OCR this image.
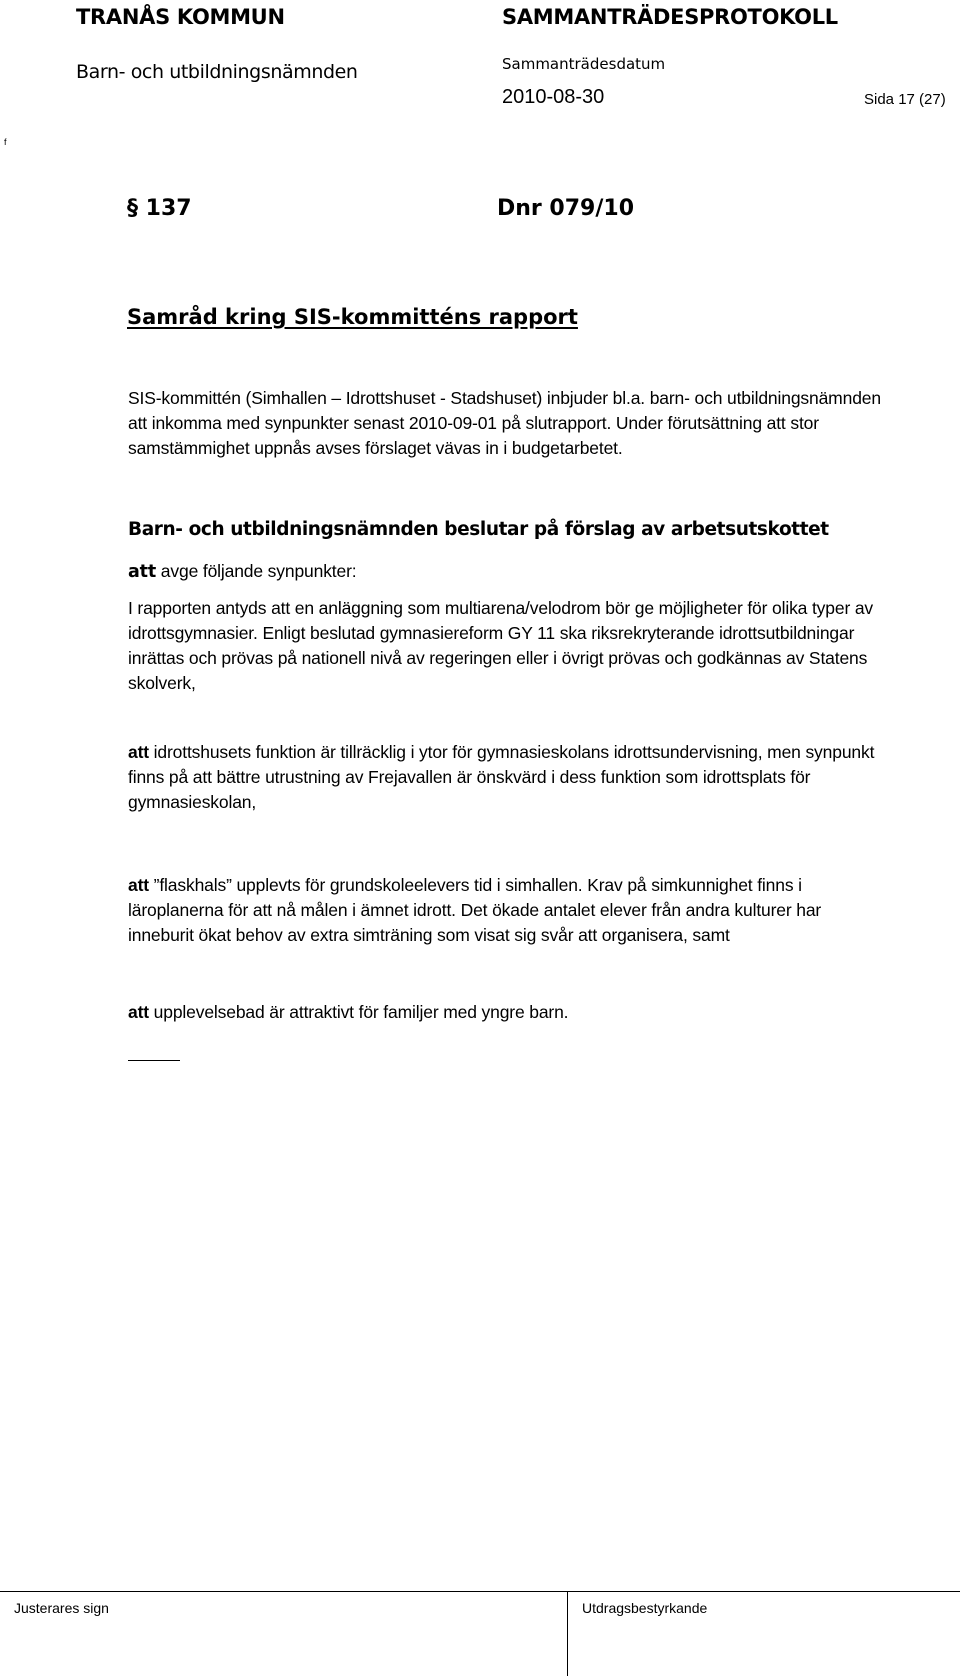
TRANÅS KOMMUN
Barn- och utbildningsnämnden
SAMMANTRÄDESPROTOKOLL
Sammanträdesdatum
2010-08-30	Sida 17 (27)
f
§ 137	Dnr 079/10
Samråd kring SIS-kommitténs rapport
SIS-kommittén (Simhallen – Idrottshuset - Stadshuset) inbjuder bl.a. barn- och utbildningsnämnden
att inkomma med synpunkter senast 2010-09-01 på slutrapport. Under förutsättning att stor
samstämmighet uppnås avses förslaget vävas in i budgetarbetet.
Barn- och utbildningsnämnden beslutar på förslag av arbetsutskottet
att avge följande synpunkter:
I rapporten antyds att en anläggning som multiarena/velodrom bör ge möjligheter för olika typer av
idrottsgymnasier. Enligt beslutad gymnasiereform GY 11 ska riksrekryterande idrottsutbildningar
inrättas och prövas på nationell nivå av regeringen eller i övrigt prövas och godkännas av Statens
skolverk,
att idrottshusets funktion är tillräcklig i ytor för gymnasieskolans idrottsundervisning, men synpunkt
finns på att bättre utrustning av Frejavallen är önskvärd i dess funktion som idrottsplats för
gymnasieskolan,
att ”flaskhals” upplevts för grundskoleelevers tid i simhallen. Krav på simkunnighet finns i
läroplanerna för att nå målen i ämnet idrott. Det ökade antalet elever från andra kulturer har
inneburit ökat behov av extra simträning som visat sig svår att organisera, samt
att upplevelsebad är attraktivt för familjer med yngre barn.
Justerares sign	Utdragsbestyrkande
